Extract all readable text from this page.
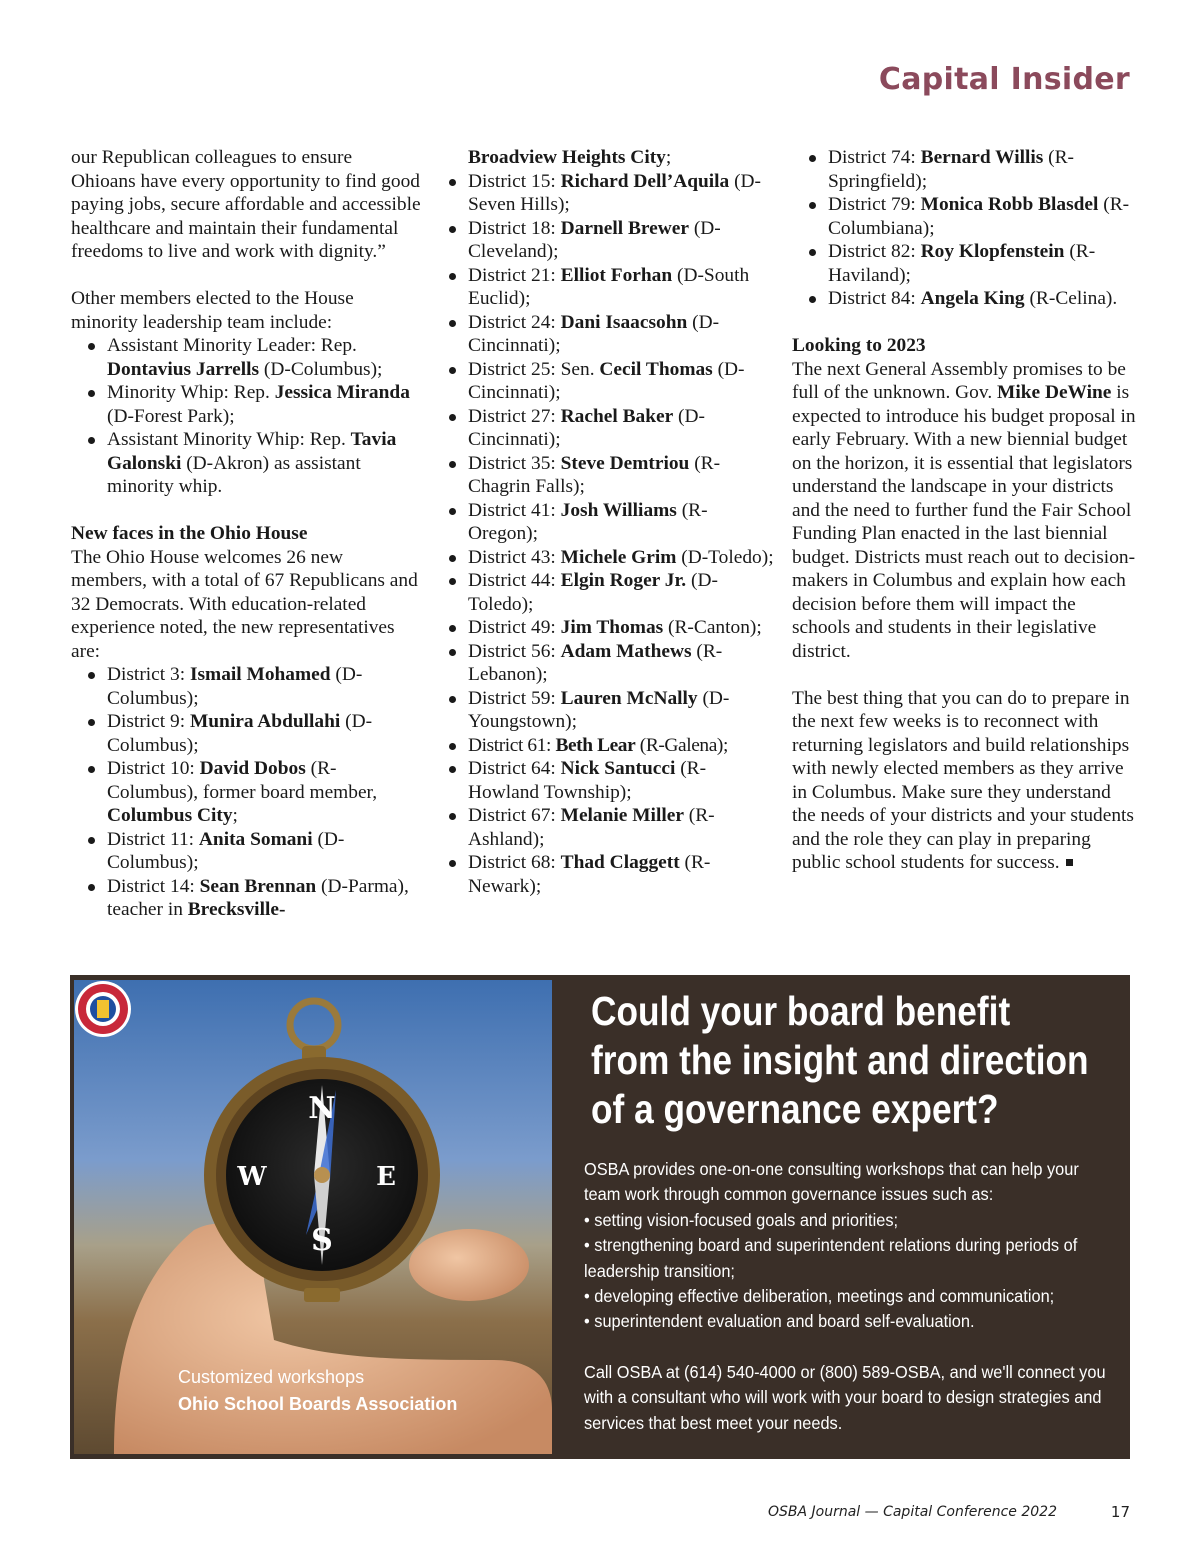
Capital Insider

our Republican colleagues to ensure Ohioans have every opportunity to find good paying jobs, secure affordable and accessible healthcare and maintain their fundamental freedoms to live and work with dignity.”

Other members elected to the House minority leadership team include:

Assistant Minority Leader: Rep. Dontavius Jarrells (D-Columbus);
Minority Whip: Rep. Jessica Miranda (D-Forest Park);
Assistant Minority Whip: Rep. Tavia Galonski (D-Akron) as assistant minority whip.
New faces in the Ohio House

The Ohio House welcomes 26 new members, with a total of 67 Republicans and 32 Democrats. With education-related experience noted, the new representatives are:

District 3: Ismail Mohamed (D-Columbus);
District 9: Munira Abdullahi (D-Columbus);
District 10: David Dobos (R-Columbus), former board member, Columbus City;
District 11: Anita Somani (D-Columbus);
District 14: Sean Brennan (D-Parma), teacher in Brecksville-

Broadview Heights City;

District 15: Richard Dell’Aquila (D-Seven Hills);
District 18: Darnell Brewer (D-Cleveland);
District 21: Elliot Forhan (D-South Euclid);
District 24: Dani Isaacsohn (D-Cincinnati);
District 25: Sen. Cecil Thomas (D-Cincinnati);
District 27: Rachel Baker (D-Cincinnati);
District 35: Steve Demtriou (R-Chagrin Falls);
District 41: Josh Williams (R-Oregon);
District 43: Michele Grim (D-Toledo);
District 44: Elgin Roger Jr. (D-Toledo);
District 49: Jim Thomas (R-Canton);
District 56: Adam Mathews (R-Lebanon);
District 59: Lauren McNally (D-Youngstown);
District 61: Beth Lear (R-Galena);
District 64: Nick Santucci (R-Howland Township);
District 67: Melanie Miller (R-Ashland);
District 68: Thad Claggett (R-Newark);
District 74: Bernard Willis (R-Springfield);
District 79: Monica Robb Blasdel (R-Columbiana);
District 82: Roy Klopfenstein (R-Haviland);
District 84: Angela King (R-Celina).
Looking to 2023

The next General Assembly promises to be full of the unknown. Gov. Mike DeWine is expected to introduce his budget proposal in early February. With a new biennial budget on the horizon, it is essential that legislators understand the landscape in your districts and the need to further fund the Fair School Funding Plan enacted in the last biennial budget. Districts must reach out to decision-makers in Columbus and explain how each decision before them will impact the schools and students in their legislative district.

The best thing that you can do to prepare in the next few weeks is to reconnect with returning legislators and build relationships with newly elected members as they arrive in Columbus. Make sure they understand the needs of your districts and your students and the role they can play in preparing public school students for success.

N
S
E
W
Customized workshops
Ohio School Boards Association
Could your board benefit
from the insight and direction
of a governance expert?

OSBA provides one-on-one consulting workshops that can help your team work through common governance issues such as:

• setting vision-focused goals and priorities;

• strengthening board and superintendent relations during periods of leadership transition;

• developing effective deliberation, meetings and communication;

• superintendent evaluation and board self-evaluation.

Call OSBA at (614) 540-4000 or (800) 589-OSBA, and we'll connect you with a consultant who will work with your board to design strategies and services that best meet your needs.

OSBA Journal — Capital Conference 2022	17
